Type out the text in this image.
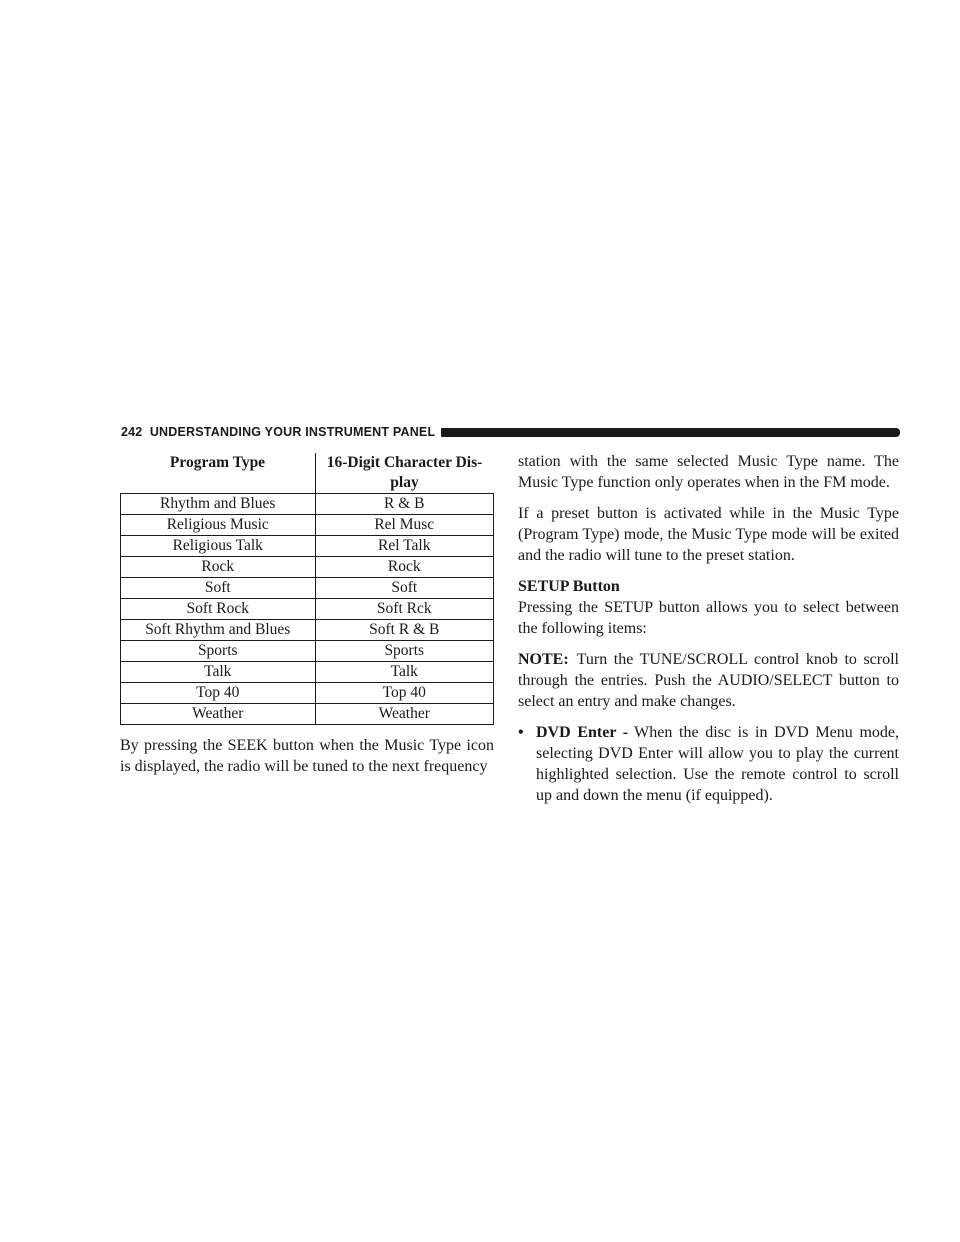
242 UNDERSTANDING YOUR INSTRUMENT PANEL
Program Type	16-Digit Character Dis-
play

Rhythm and Blues	R & B
Religious Music	Rel Musc
Religious Talk	Rel Talk
Rock	Rock
Soft	Soft
Soft Rock	Soft Rck
Soft Rhythm and Blues	Soft R & B
Sports	Sports
Talk	Talk
Top 40	Top 40
Weather	Weather

By pressing the SEEK button when the Music Type icon is displayed, the radio will be tuned to the next frequency

station with the same selected Music Type name. The Music Type function only operates when in the FM mode.

If a preset button is activated while in the Music Type (Program Type) mode, the Music Type mode will be exited and the radio will tune to the preset station.

SETUP Button

Pressing the SETUP button allows you to select between the following items:

NOTE: Turn the TUNE/SCROLL control knob to scroll through the entries. Push the AUDIO/SELECT button to select an entry and make changes.

• DVD Enter - When the disc is in DVD Menu mode, selecting DVD Enter will allow you to play the current highlighted selection. Use the remote control to scroll up and down the menu (if equipped).
